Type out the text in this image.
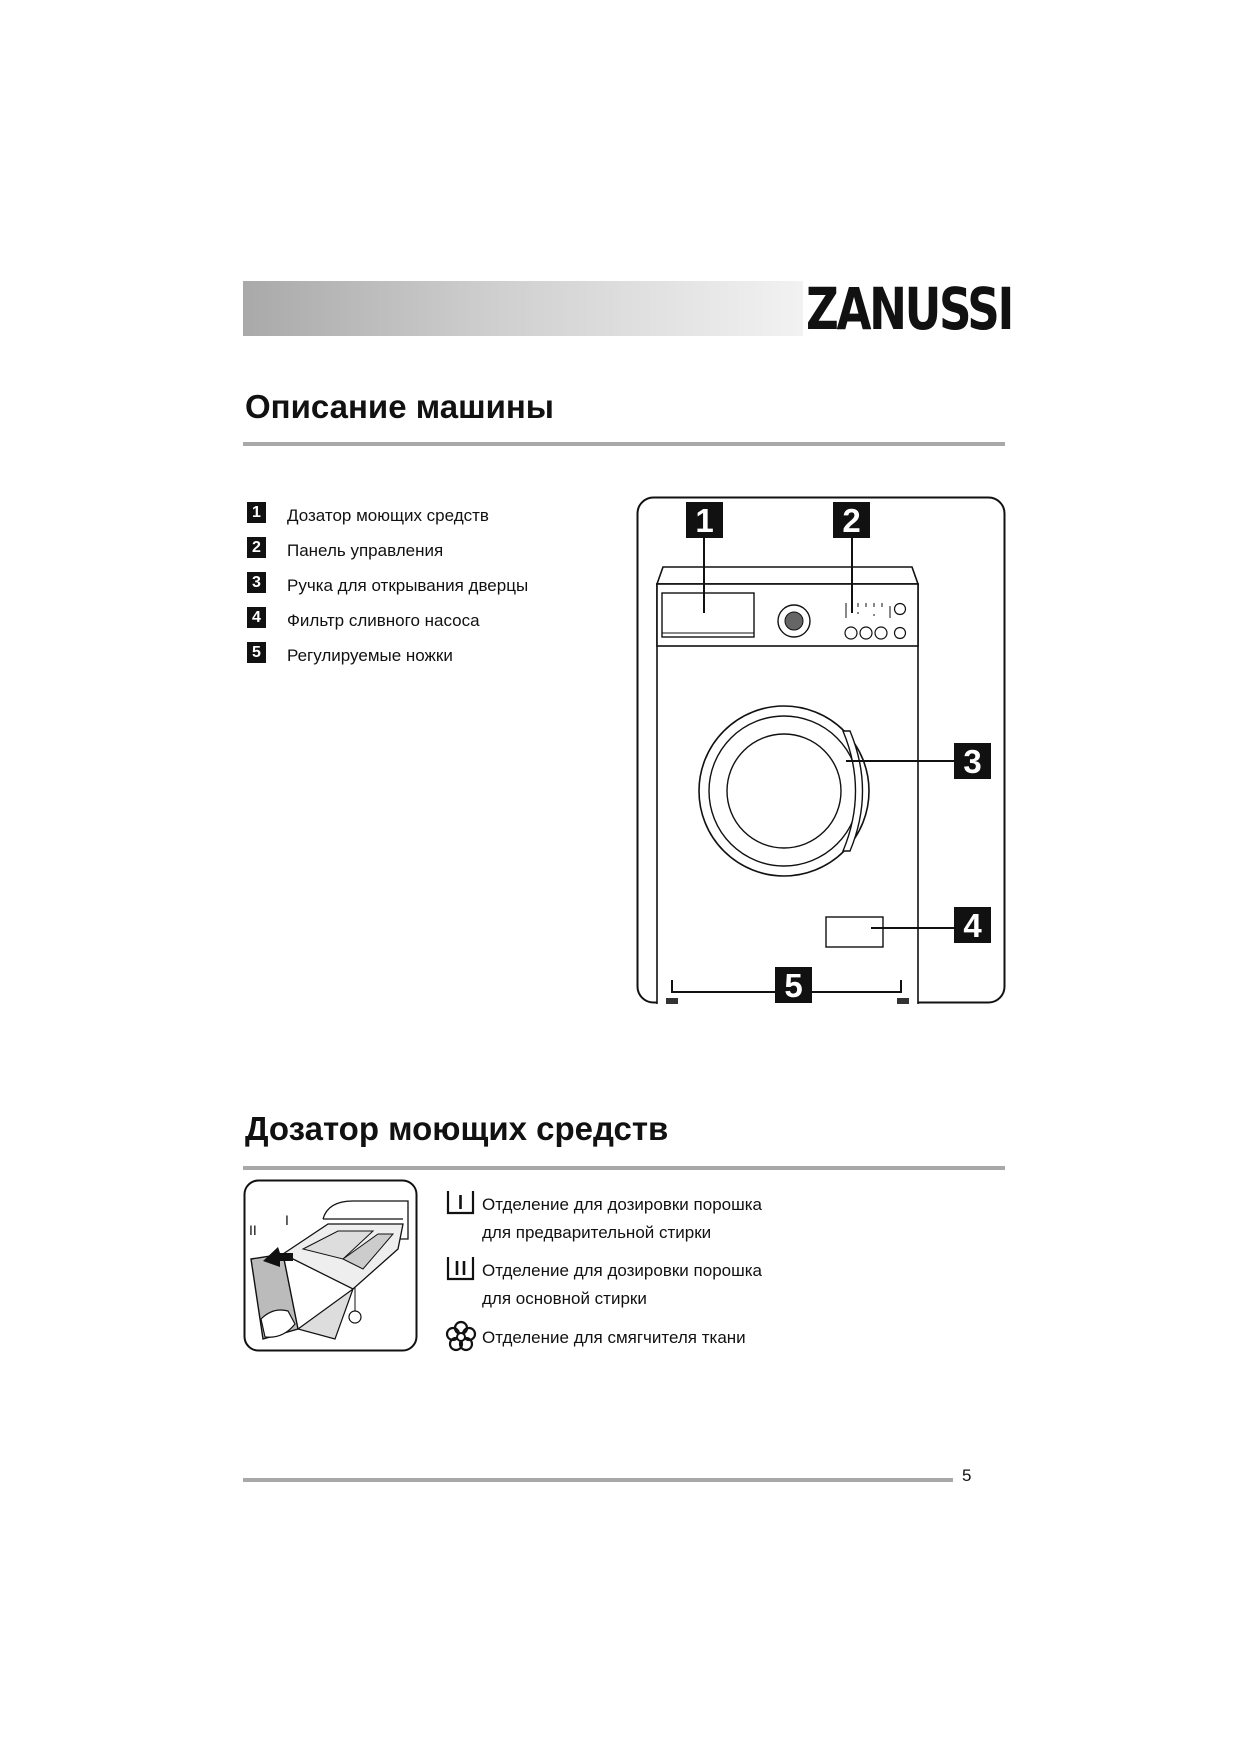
ZANUSSI
Описание машины
1 Дозатор моющих средств
2 Панель управления
3 Ручка для открывания дверцы
4 Фильтр сливного насоса
5 Регулируемые ножки
1	2
3
4
5
Дозатор моющих средств
II
I
Отделение для дозировки порошка
для предварительной стирки
Отделение для дозировки порошка
для основной стирки
Отделение для смягчителя ткани
5
